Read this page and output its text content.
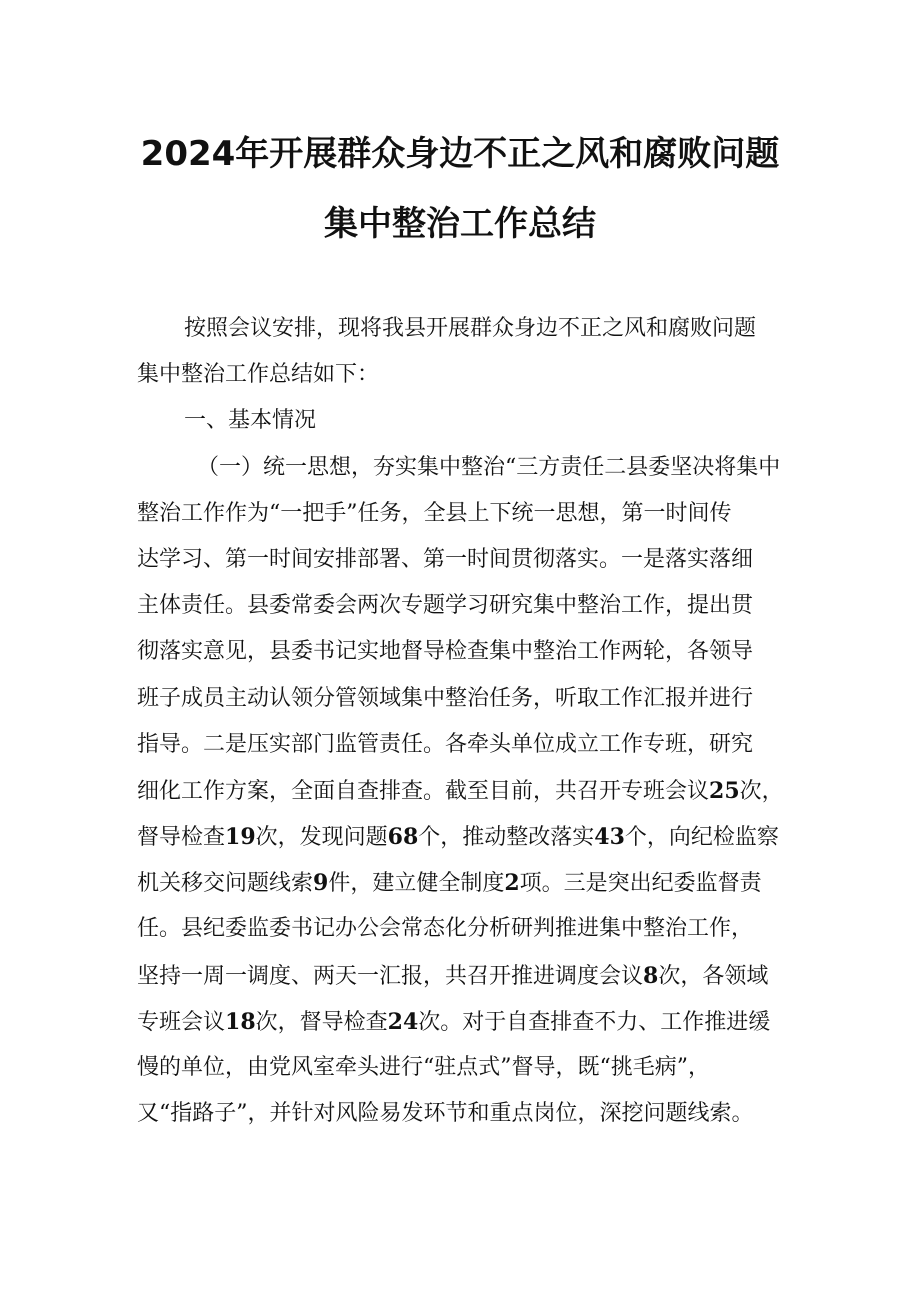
2024年开展群众身边不正之风和腐败问题
集中整治工作总结
按照会议安排，现将我县开展群众身边不正之风和腐败问题
集中整治工作总结如下：
一、基本情况
（一）统一思想，夯实集中整治“三方责任二县委坚决将集中
整治工作作为“一把手”任务，全县上下统一思想，第一时间传
达学习、第一时间安排部署、第一时间贯彻落实。一是落实落细
主体责任。县委常委会两次专题学习研究集中整治工作，提出贯
彻落实意见，县委书记实地督导检查集中整治工作两轮，各领导
班子成员主动认领分管领域集中整治任务，听取工作汇报并进行
指导。二是压实部门监管责任。各牵头单位成立工作专班，研究
细化工作方案，全面自查排查。截至目前，共召开专班会议25次，
督导检查19次，发现问题68个，推动整改落实43个，向纪检监察
机关移交问题线索9件，建立健全制度2项。三是突出纪委监督责
任。县纪委监委书记办公会常态化分析研判推进集中整治工作，
坚持一周一调度、两天一汇报，共召开推进调度会议8次，各领域
专班会议18次，督导检查24次。对于自查排查不力、工作推进缓
慢的单位，由党风室牵头进行“驻点式”督导，既“挑毛病”，
又“指路子”，并针对风险易发环节和重点岗位，深挖问题线索。
